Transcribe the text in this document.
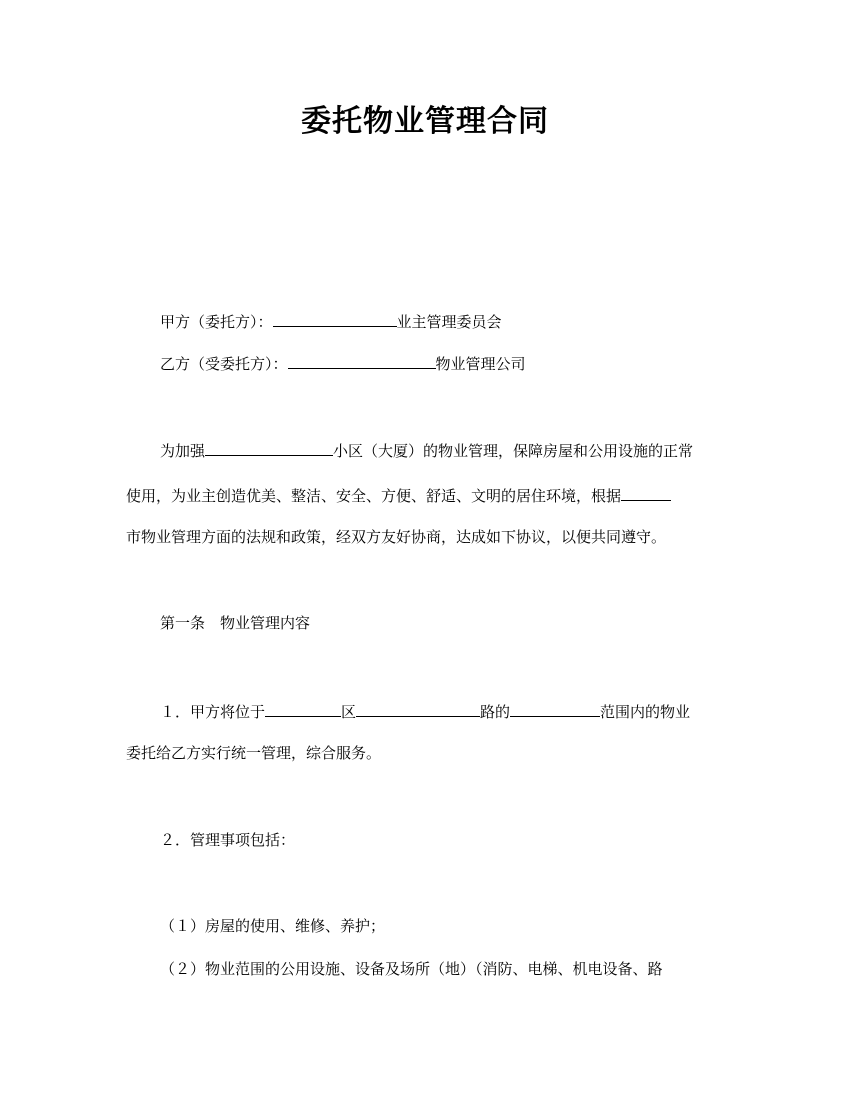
委托物业管理合同
甲方（委托方）：	业主管理委员会
乙方（受委托方）：	物业管理公司
为加强	小区（大厦）的物业管理，保障房屋和公用设施的正常
使用，为业主创造优美、整洁、安全、方便、舒适、文明的居住环境，根据
市物业管理方面的法规和政策，经双方友好协商，达成如下协议，以便共同遵守。
第一条　物业管理内容
１．甲方将位于	区	路的	范围内的物业
委托给乙方实行统一管理，综合服务。
２．管理事项包括：
（１）房屋的使用、维修、养护；
（２）物业范围的公用设施、设备及场所（地）（消防、电梯、机电设备、路
